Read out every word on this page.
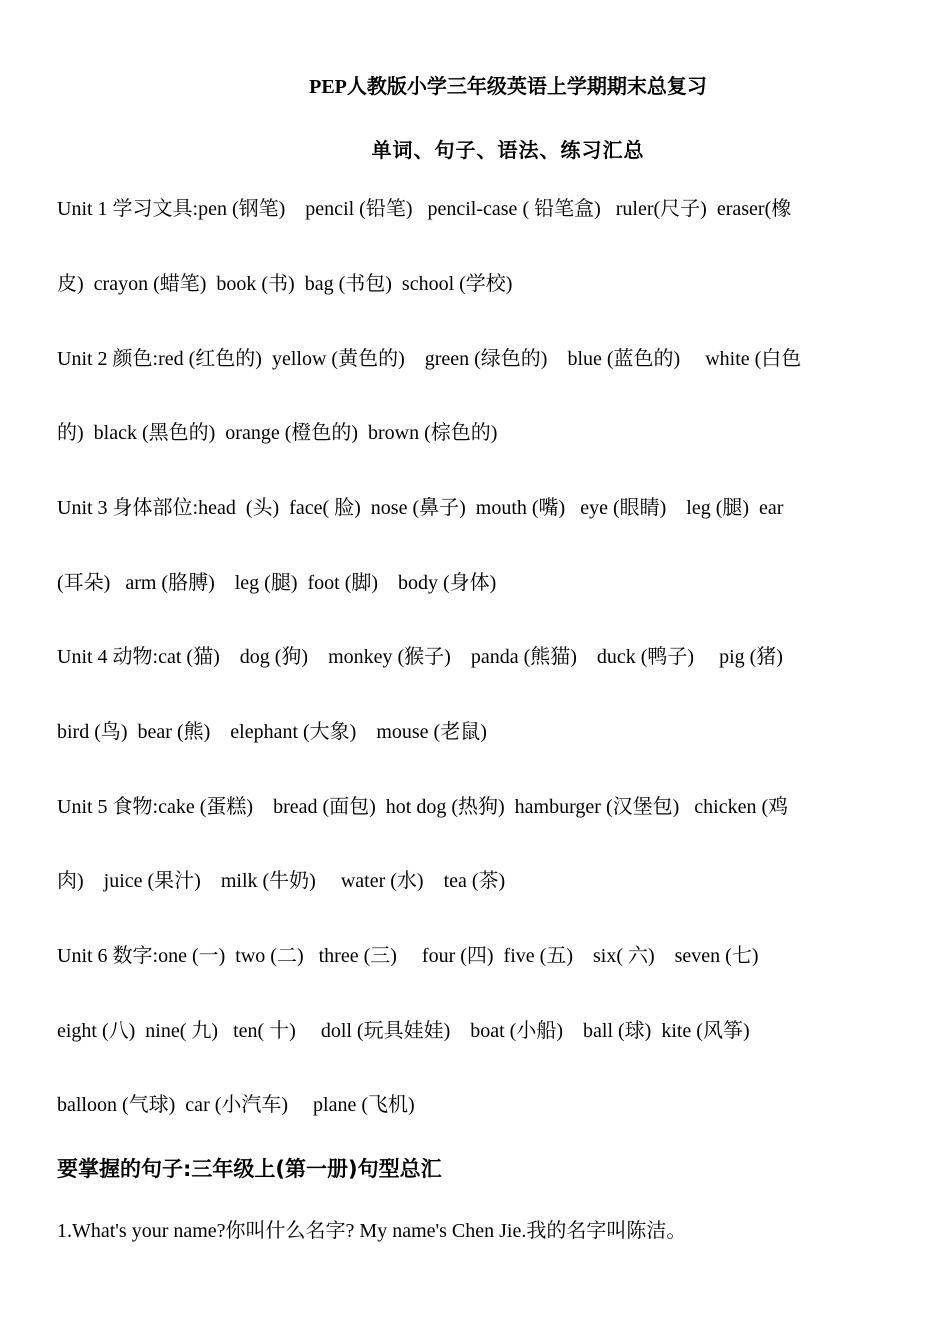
PEP人教版小学三年级英语上学期期末总复习
单词、句子、语法、练习汇总
Unit 1 学习文具:pen (钢笔)    pencil (铅笔)   pencil-case ( 铅笔盒)   ruler(尺子)  eraser(橡
皮)  crayon (蜡笔)  book (书)  bag (书包)  school (学校)
Unit 2 颜色:red (红色的)  yellow (黄色的)    green (绿色的)    blue (蓝色的)     white (白色
的)  black (黑色的)  orange (橙色的)  brown (棕色的)
Unit 3 身体部位:head  (头)  face( 脸)  nose (鼻子)  mouth (嘴)   eye (眼睛)    leg (腿)  ear
(耳朵)   arm (胳膊)    leg (腿)  foot (脚)    body (身体)
Unit 4 动物:cat (猫)    dog (狗)    monkey (猴子)    panda (熊猫)    duck (鸭子)     pig (猪)
bird (鸟)  bear (熊)    elephant (大象)    mouse (老鼠)
Unit 5 食物:cake (蛋糕)    bread (面包)  hot dog (热狗)  hamburger (汉堡包)   chicken (鸡
肉)    juice (果汁)    milk (牛奶)     water (水)    tea (茶)
Unit 6 数字:one (一)  two (二)   three (三)     four (四)  five (五)    six( 六)    seven (七)
eight (八)  nine( 九)   ten( 十)     doll (玩具娃娃)    boat (小船)    ball (球)  kite (风筝)
balloon (气球)  car (小汽车)     plane (飞机)
要掌握的句子:三年级上(第一册)句型总汇
1.What's your name?你叫什么名字? My name's Chen Jie.我的名字叫陈洁。
